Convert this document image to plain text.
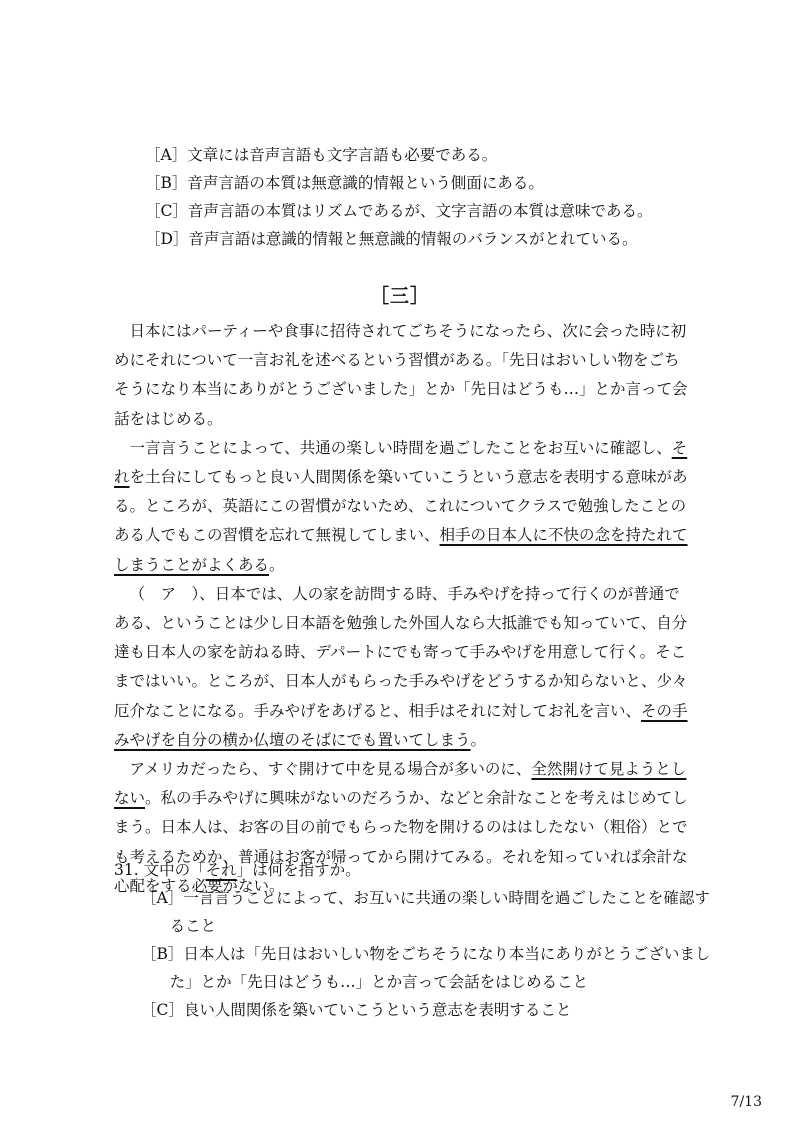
［A］文章には音声言語も文字言語も必要である。
［B］音声言語の本質は無意識的情報という側面にある。
［C］音声言語の本質はリズムであるが、文字言語の本質は意味である。
［D］音声言語は意識的情報と無意識的情報のバランスがとれている。
［三］

日本にはパーティーや食事に招待されてごちそうになったら、次に会った時に初めにそれについて一言お礼を述べるという習慣がある。「先日はおいしい物をごちそうになり本当にありがとうございました」とか「先日はどうも…」とか言って会話をはじめる。

一言言うことによって、共通の楽しい時間を過ごしたことをお互いに確認し、それを土台にしてもっと良い人間関係を築いていこうという意志を表明する意味がある。ところが、英語にこの習慣がないため、これについてクラスで勉強したことのある人でもこの習慣を忘れて無視してしまい、相手の日本人に不快の念を持たれてしまうことがよくある。

（　ア　）、日本では、人の家を訪問する時、手みやげを持って行くのが普通である、ということは少し日本語を勉強した外国人なら大抵誰でも知っていて、自分達も日本人の家を訪ねる時、デパートにでも寄って手みやげを用意して行く。そこまではいい。ところが、日本人がもらった手みやげをどうするか知らないと、少々厄介なことになる。手みやげをあげると、相手はそれに対してお礼を言い、その手みやげを自分の横か仏壇のそばにでも置いてしまう。

アメリカだったら、すぐ開けて中を見る場合が多いのに、全然開けて見ようとしない。私の手みやげに興味がないのだろうか、などと余計なことを考えはじめてしまう。日本人は、お客の目の前でもらった物を開けるのははしたない（粗俗）とでも考えるためか、普通はお客が帰ってから開けてみる。それを知っていれば余計な心配をする必要がない。

31. 文中の「それ」は何を指すか。
［A］一言言うことによって、お互いに共通の楽しい時間を過ごしたことを確認すること
［B］日本人は「先日はおいしい物をごちそうになり本当にありがとうございました」とか「先日はどうも…」とか言って会話をはじめること
［C］良い人間関係を築いていこうという意志を表明すること
7/13
